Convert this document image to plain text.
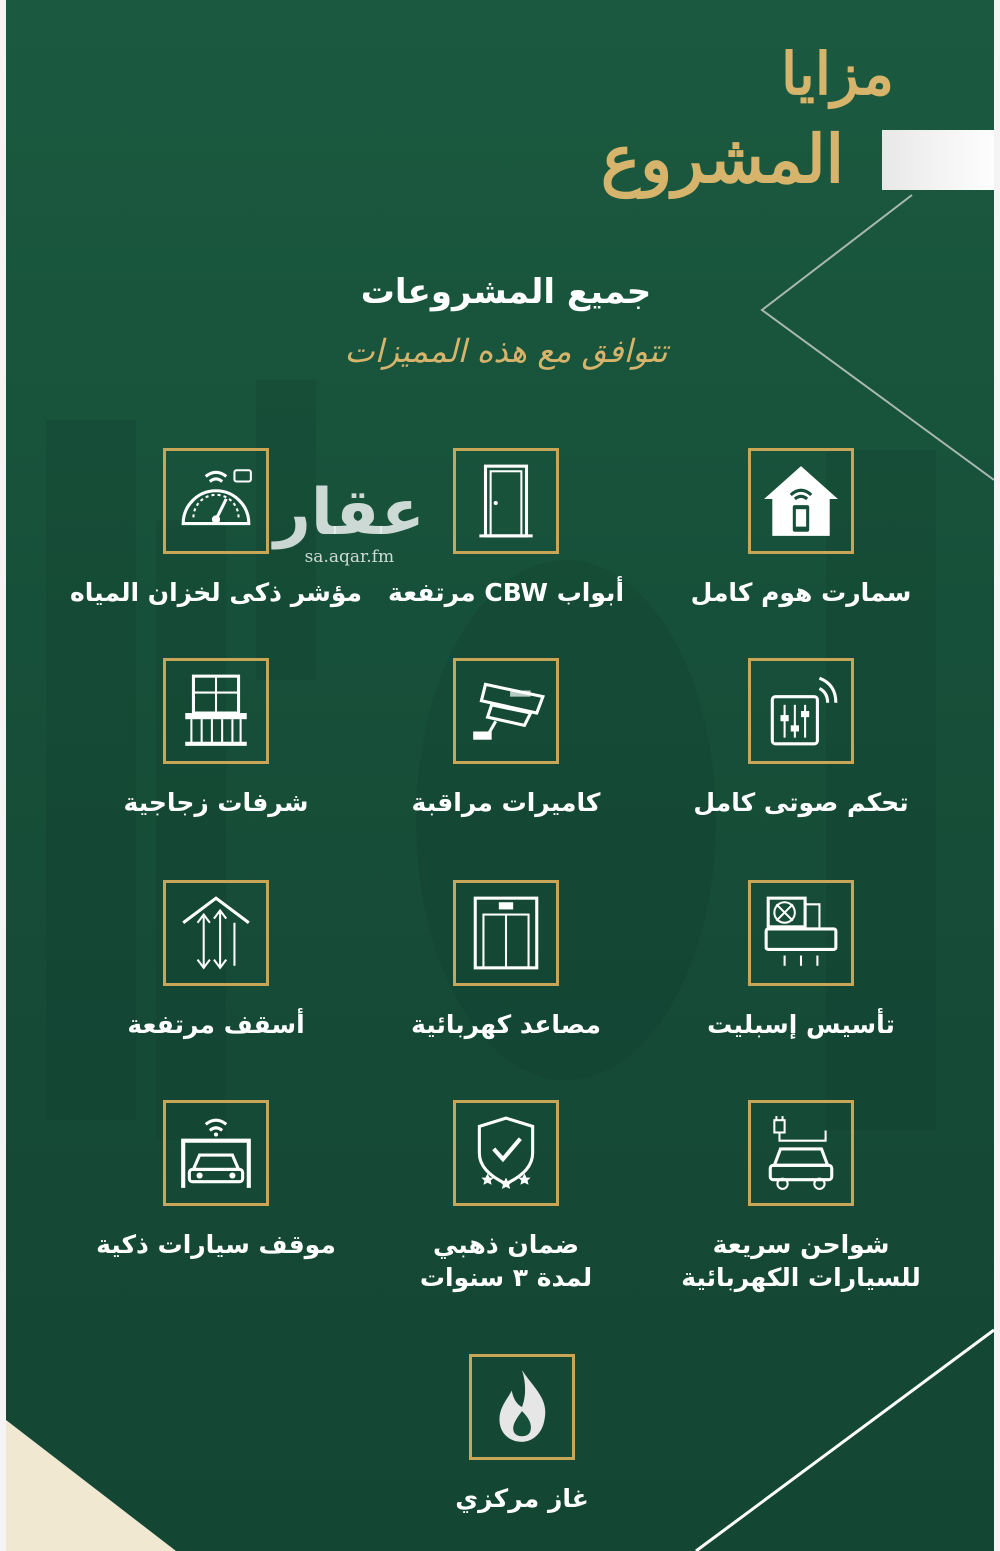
مزايا
المشروع
جميع المشروعات
تتوافق مع هذه المميزات
عقار
sa.aqar.fm
سمارت هوم كامل
أبواب CBW مرتفعة
مؤشر ذكى لخزان المياه
تحكم صوتى كامل
كاميرات مراقبة
شرفات زجاجية
تأسيس إسبليت
مصاعد كهربائية
أسقف مرتفعة
شواحن سريعة
للسيارات الكهربائية
ضمان ذهبي
لمدة ٣ سنوات
موقف سيارات ذكية
غاز مركزي
